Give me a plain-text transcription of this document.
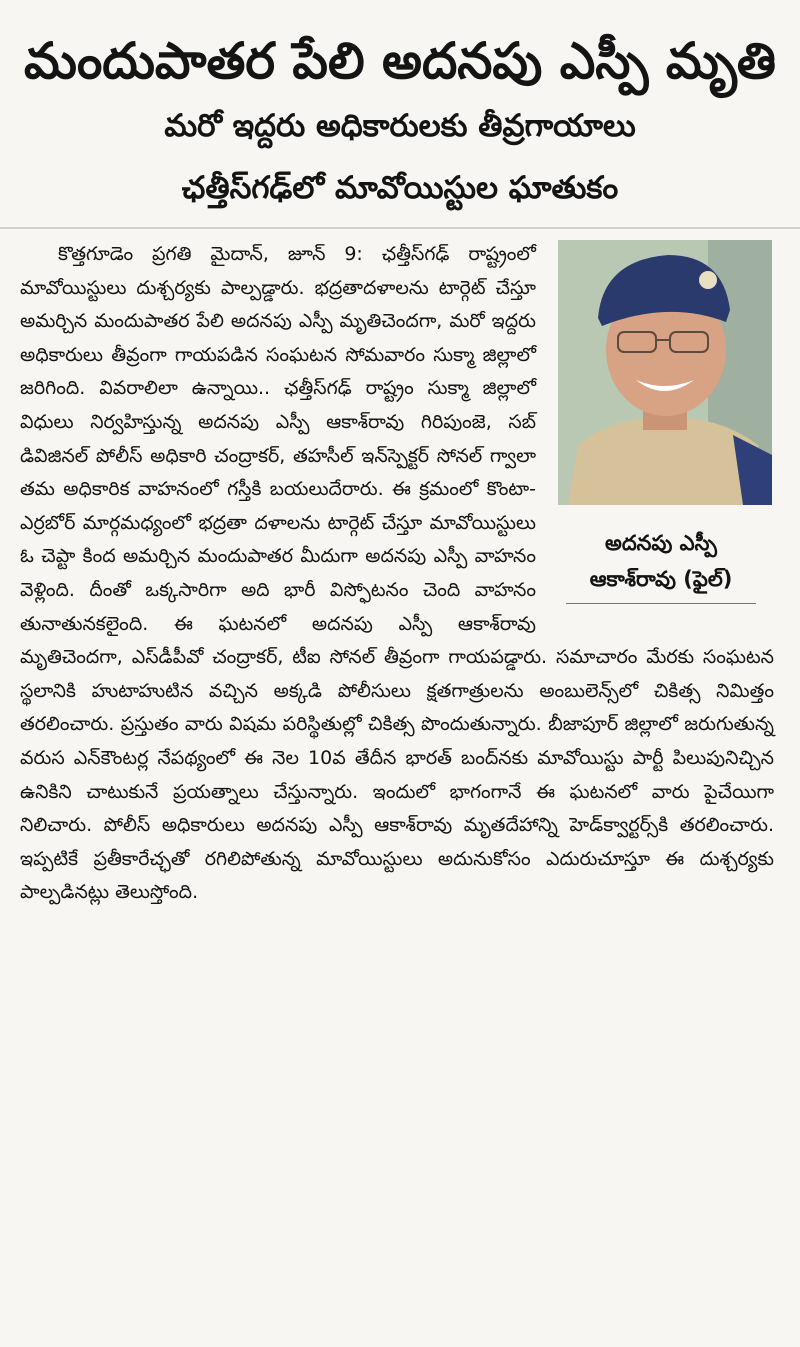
మందుపాతర పేలి అదనపు ఎస్పీ మృతి
మరో ఇద్దరు అధికారులకు తీవ్రగాయాలు
ఛత్తీస్‌గఢ్‌లో మావోయిస్టుల ఘాతుకం
అదనపు ఎస్పీ
ఆకాశ్‌రావు (ఫైల్)

కొత్తగూడెం ప్రగతి మైదాన్, జూన్ 9: ఛత్తీస్‌గఢ్ రాష్ట్రంలో మావోయిస్టులు దుశ్చర్యకు పాల్పడ్డారు. భద్రతాదళాలను టార్గెట్ చేస్తూ అమర్చిన మందుపాతర పేలి అదనపు ఎస్పీ మృతిచెందగా, మరో ఇద్దరు అధికారులు తీవ్రంగా గాయపడిన సంఘటన సోమవారం సుక్మా జిల్లాలో జరిగింది. వివరాలిలా ఉన్నాయి.. ఛత్తీస్‌గఢ్ రాష్ట్రం సుక్మా జిల్లాలో విధులు నిర్వహిస్తున్న అదనపు ఎస్పీ ఆకాశ్‌రావు గిరిపుంజె, సబ్ డివిజినల్ పోలీస్ అధికారి చంద్రాకర్, తహసీల్ ఇన్‌స్పెక్టర్ సోనల్ గ్వాలా తమ అధికారిక వాహనంలో గస్తీకి బయలుదేరారు. ఈ క్రమంలో కొంటా-ఎర్రబోర్ మార్గమధ్యంలో భద్రతా దళాలను టార్గెట్ చేస్తూ మావోయిస్టులు ఓ చెప్టా కింద అమర్చిన మందుపాతర మీదుగా అదనపు ఎస్పీ వాహనం వెళ్లింది. దీంతో ఒక్కసారిగా అది భారీ విస్ఫోటనం చెంది వాహనం తునాతునకలైంది. ఈ ఘటనలో అదనపు ఎస్పీ ఆకాశ్‌రావు మృతిచెందగా, ఎస్‌డీపీవో చంద్రాకర్, టీఐ సోనల్ తీవ్రంగా గాయపడ్డారు. సమాచారం మేరకు సంఘటన స్థలానికి హుటాహుటిన వచ్చిన అక్కడి పోలీసులు క్షతగాత్రులను అంబులెన్స్‌లో చికిత్స నిమిత్తం తరలించారు. ప్రస్తుతం వారు విషమ పరిస్థితుల్లో చికిత్స పొందుతున్నారు. బీజాపూర్ జిల్లాలో జరుగుతున్న వరుస ఎన్‌కౌంటర్ల నేపథ్యంలో ఈ నెల 10వ తేదీన భారత్ బంద్‌నకు మావోయిస్టు పార్టీ పిలుపునిచ్చిన ఉనికిని చాటుకునే ప్రయత్నాలు చేస్తున్నారు. ఇందులో భాగంగానే ఈ ఘటనలో వారు పైచేయిగా నిలిచారు. పోలీస్ అధికారులు అదనపు ఎస్పీ ఆకాశ్‌రావు మృతదేహాన్ని హెడ్‌క్వార్టర్స్‌కి తరలించారు. ఇప్పటికే ప్రతీకారేచ్ఛతో రగిలిపోతున్న మావోయిస్టులు అదునుకోసం ఎదురుచూస్తూ ఈ దుశ్చర్యకు పాల్పడినట్లు తెలుస్తోంది.
